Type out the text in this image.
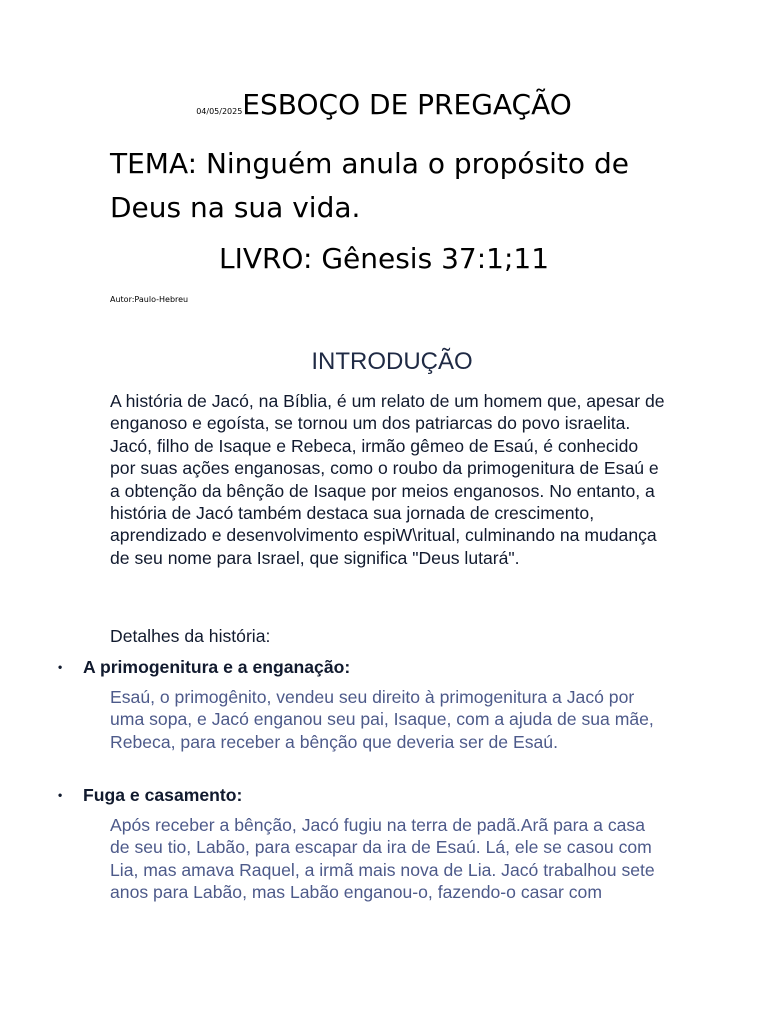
04/05/2025ESBOÇO DE PREGAÇÃO
TEMA: Ninguém anula o propósito de Deus na sua vida.
LIVRO: Gênesis 37:1;11
Autor:Paulo-Hebreu
INTRODUÇÃO
A história de Jacó, na Bíblia, é um relato de um homem que, apesar de enganoso e egoísta, se tornou um dos patriarcas do povo israelita. Jacó, filho de Isaque e Rebeca, irmão gêmeo de Esaú, é conhecido por suas ações enganosas, como o roubo da primogenitura de Esaú e a obtenção da bênção de Isaque por meios enganosos. No entanto, a história de Jacó também destaca sua jornada de crescimento, aprendizado e desenvolvimento espiW\ritual, culminando na mudança de seu nome para Israel, que significa "Deus lutará".
Detalhes da história:
• A primogenitura e a enganação:
Esaú, o primogênito, vendeu seu direito à primogenitura a Jacó por uma sopa, e Jacó enganou seu pai, Isaque, com a ajuda de sua mãe, Rebeca, para receber a bênção que deveria ser de Esaú.
• Fuga e casamento:
Após receber a bênção, Jacó fugiu na terra de padã.Arã para a casa de seu tio, Labão, para escapar da ira de Esaú. Lá, ele se casou com Lia, mas amava Raquel, a irmã mais nova de Lia. Jacó trabalhou sete anos para Labão, mas Labão enganou-o, fazendo-o casar com
